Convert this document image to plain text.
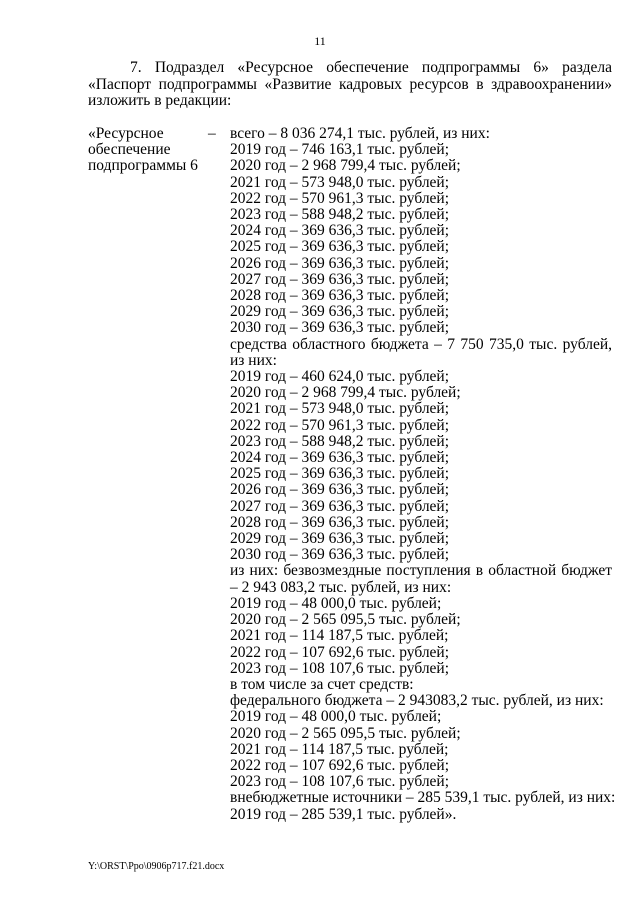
11

7. Подраздел «Ресурсное обеспечение подпрограммы 6» раздела «Паспорт подпрограммы «Развитие кадровых ресурсов в здравоохранении» изложить в редакции:

«Ресурсное
обеспечение
подпрограммы 6
– всего – 8 036 274,1 тыс. рублей, из них:
2019 год – 746 163,1 тыс. рублей;
2020 год – 2 968 799,4 тыс. рублей;
2021 год – 573 948,0 тыс. рублей;
2022 год – 570 961,3 тыс. рублей;
2023 год – 588 948,2 тыс. рублей;
2024 год – 369 636,3 тыс. рублей;
2025 год – 369 636,3 тыс. рублей;
2026 год – 369 636,3 тыс. рублей;
2027 год – 369 636,3 тыс. рублей;
2028 год – 369 636,3 тыс. рублей;
2029 год – 369 636,3 тыс. рублей;
2030 год – 369 636,3 тыс. рублей;
средства областного бюджета – 7 750 735,0 тыс. рублей, из них:
2019 год – 460 624,0 тыс. рублей;
2020 год – 2 968 799,4 тыс. рублей;
2021 год – 573 948,0 тыс. рублей;
2022 год – 570 961,3 тыс. рублей;
2023 год – 588 948,2 тыс. рублей;
2024 год – 369 636,3 тыс. рублей;
2025 год – 369 636,3 тыс. рублей;
2026 год – 369 636,3 тыс. рублей;
2027 год – 369 636,3 тыс. рублей;
2028 год – 369 636,3 тыс. рублей;
2029 год – 369 636,3 тыс. рублей;
2030 год – 369 636,3 тыс. рублей;
из них: безвозмездные поступления в областной бюджет – 2 943 083,2 тыс. рублей, из них:
2019 год – 48 000,0 тыс. рублей;
2020 год – 2 565 095,5 тыс. рублей;
2021 год – 114 187,5 тыс. рублей;
2022 год – 107 692,6 тыс. рублей;
2023 год – 108 107,6 тыс. рублей;
в том числе за счет средств:
федерального бюджета – 2 943083,2 тыс. рублей, из них:
2019 год – 48 000,0 тыс. рублей;
2020 год – 2 565 095,5 тыс. рублей;
2021 год – 114 187,5 тыс. рублей;
2022 год – 107 692,6 тыс. рублей;
2023 год – 108 107,6 тыс. рублей;
внебюджетные источники – 285 539,1 тыс. рублей, из них:
2019 год – 285 539,1 тыс. рублей».
Y:\ORST\Ppo\0906p717.f21.docx
